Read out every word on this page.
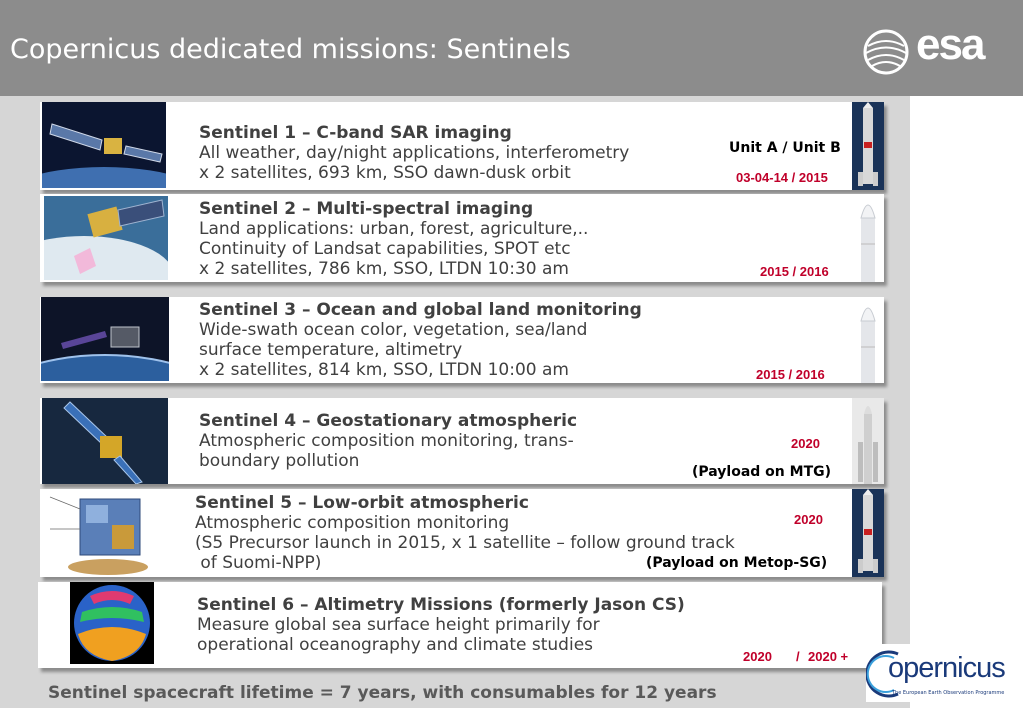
Copernicus dedicated missions: Sentinels	esa
Sentinel 1 – C-band SAR imaging
All weather, day/night applications, interferometry
x 2 satellites, 693 km, SSO dawn-dusk orbit
Unit A / Unit B
03-04-14 / 2015
Sentinel 2 – Multi-spectral imaging
Land applications: urban, forest, agriculture,..
Continuity of Landsat capabilities, SPOT etc
x 2 satellites, 786 km, SSO, LTDN 10:30 am	2015 / 2016
Sentinel 3 – Ocean and global land monitoring
Wide-swath ocean color, vegetation, sea/land
surface temperature, altimetry
x 2 satellites, 814 km, SSO, LTDN 10:00 am	2015 / 2016
Sentinel 4 – Geostationary atmospheric
Atmospheric composition monitoring, trans-
boundary pollution
2020
(Payload on MTG)
Sentinel 5 – Low-orbit atmospheric
Atmospheric composition monitoring
(S5 Precursor launch in 2015, x 1 satellite – follow ground track
of Suomi-NPP)
2020
(Payload on Metop-SG)
Sentinel 6 – Altimetry Missions (formerly Jason CS)
Measure global sea surface height primarily for
operational oceanography and climate studies
2020 / 2020 +
Sentinel spacecraft lifetime = 7 years, with consumables for 12 years
opernicus
The European Earth Observation Programme
